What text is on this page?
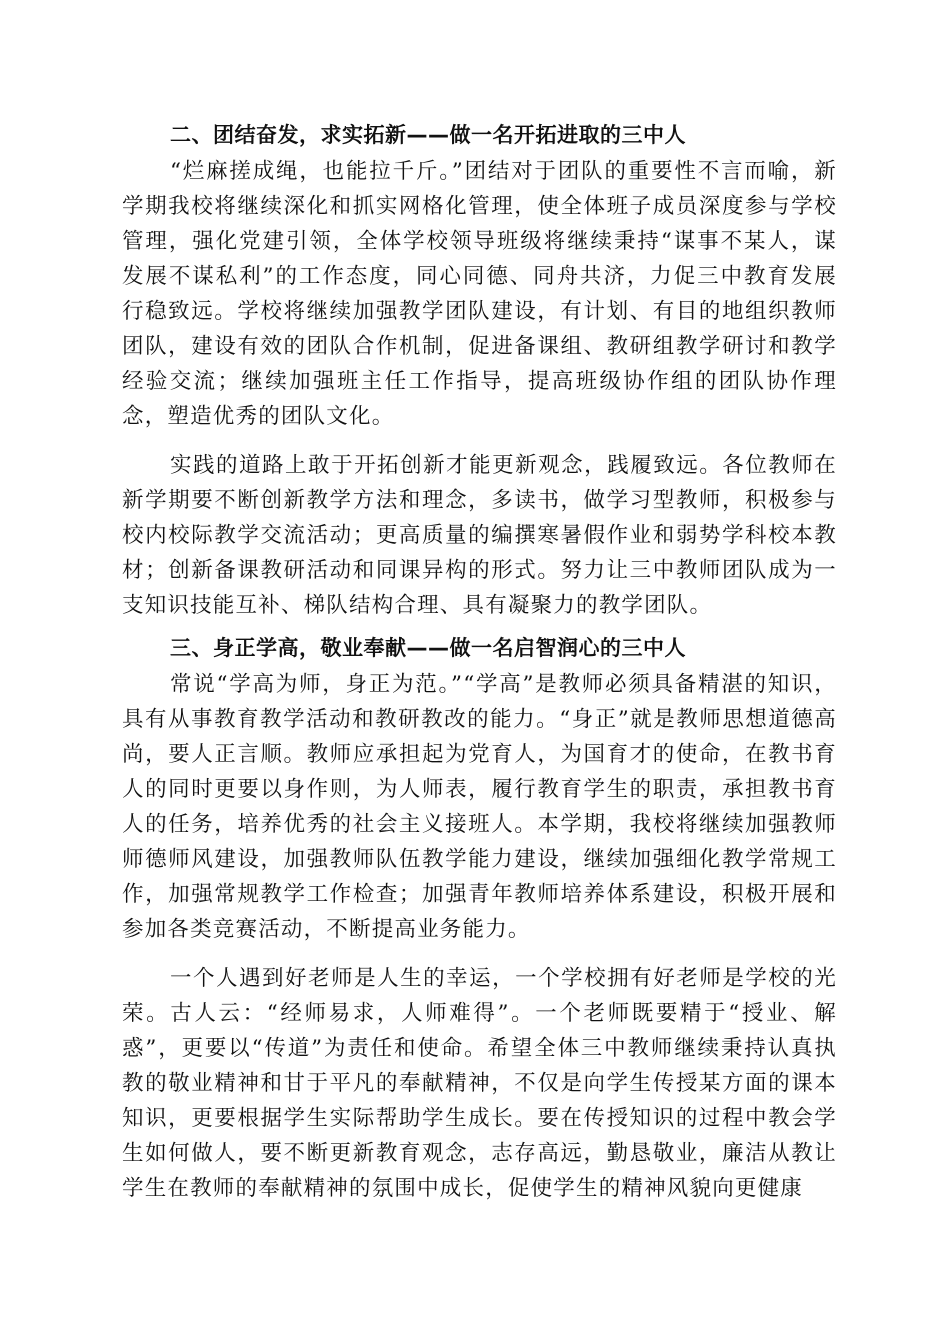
二、团结奋发，求实拓新——做一名开拓进取的三中人

“烂麻搓成绳，也能拉千斤。”团结对于团队的重要性不言而喻，新学期我校将继续深化和抓实网格化管理，使全体班子成员深度参与学校管理，强化党建引领，全体学校领导班级将继续秉持“谋事不某人，谋发展不谋私利”的工作态度，同心同德、同舟共济，力促三中教育发展行稳致远。学校将继续加强教学团队建设，有计划、有目的地组织教师团队，建设有效的团队合作机制，促进备课组、教研组教学研讨和教学经验交流；继续加强班主任工作指导，提高班级协作组的团队协作理念，塑造优秀的团队文化。

实践的道路上敢于开拓创新才能更新观念，践履致远。各位教师在新学期要不断创新教学方法和理念，多读书，做学习型教师，积极参与校内校际教学交流活动；更高质量的编撰寒暑假作业和弱势学科校本教材；创新备课教研活动和同课异构的形式。努力让三中教师团队成为一支知识技能互补、梯队结构合理、具有凝聚力的教学团队。

三、身正学高，敬业奉献——做一名启智润心的三中人

常说“学高为师，身正为范。”“学高”是教师必须具备精湛的知识，具有从事教育教学活动和教研教改的能力。“身正”就是教师思想道德高尚，要人正言顺。教师应承担起为党育人，为国育才的使命，在教书育人的同时更要以身作则，为人师表，履行教育学生的职责，承担教书育人的任务，培养优秀的社会主义接班人。本学期，我校将继续加强教师师德师风建设，加强教师队伍教学能力建设，继续加强细化教学常规工作，加强常规教学工作检查；加强青年教师培养体系建设，积极开展和参加各类竞赛活动，不断提高业务能力。

一个人遇到好老师是人生的幸运，一个学校拥有好老师是学校的光荣。古人云：“经师易求，人师难得”。一个老师既要精于“授业、解惑”，更要以“传道”为责任和使命。希望全体三中教师继续秉持认真执教的敬业精神和甘于平凡的奉献精神，不仅是向学生传授某方面的课本知识，更要根据学生实际帮助学生成长。要在传授知识的过程中教会学生如何做人，要不断更新教育观念，志存高远，勤恳敬业，廉洁从教让学生在教师的奉献精神的氛围中成长，促使学生的精神风貌向更健康
